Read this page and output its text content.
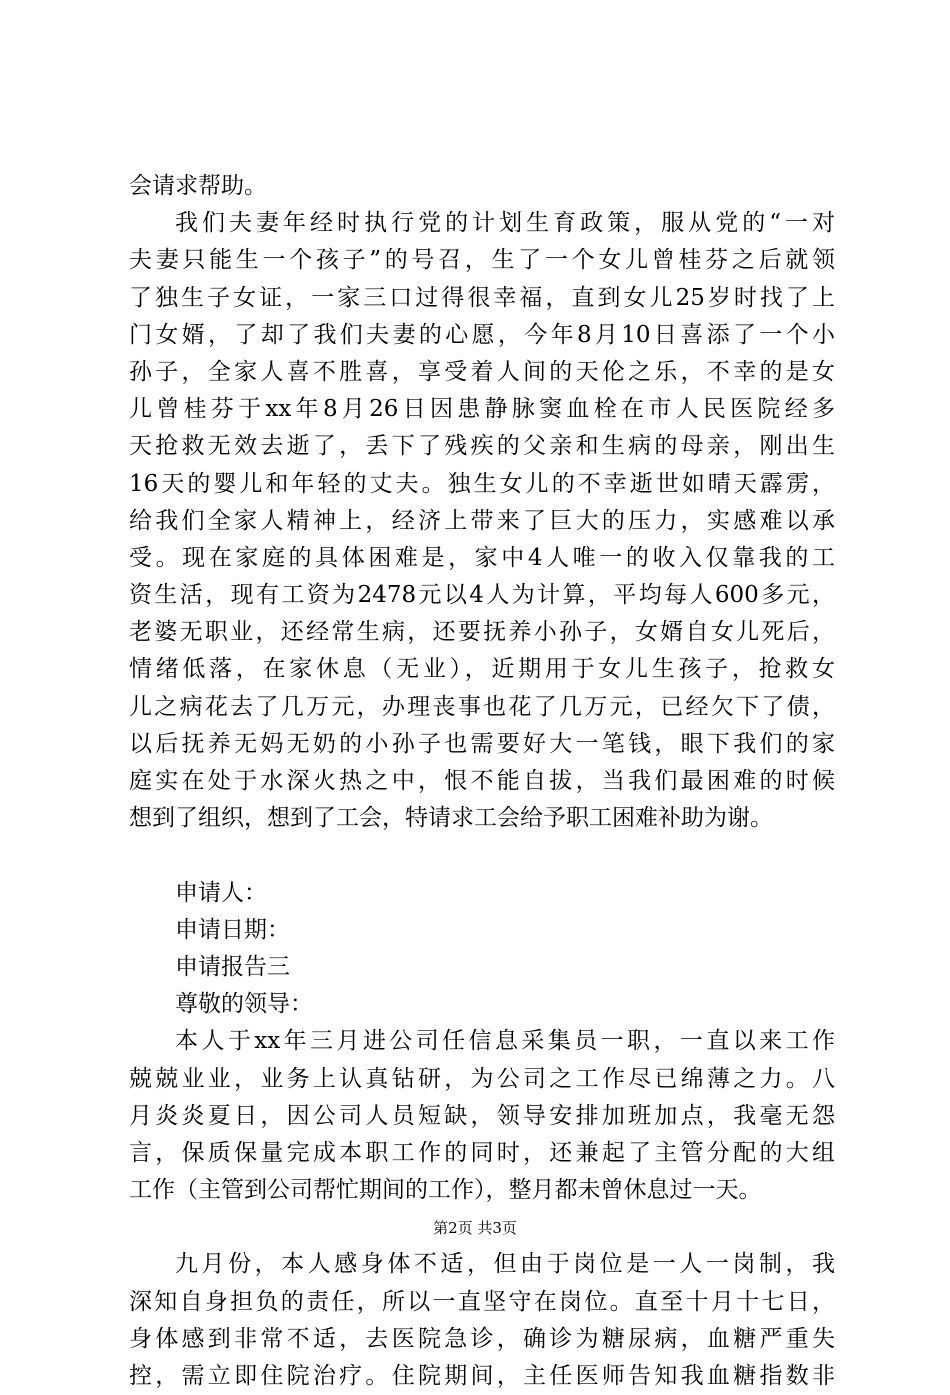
会请求帮助。
我们夫妻年经时执行党的计划生育政策，服从党的“一对
夫妻只能生一个孩子”的号召，生了一个女儿曾桂芬之后就领
了独生子女证，一家三口过得很幸福，直到女儿25岁时找了上
门女婿，了却了我们夫妻的心愿，今年8月10日喜添了一个小
孙子，全家人喜不胜喜，享受着人间的天伦之乐，不幸的是女
儿曾桂芬于xx年8月26日因患静脉窦血栓在市人民医院经多
天抢救无效去逝了，丢下了残疾的父亲和生病的母亲，刚出生
16天的婴儿和年轻的丈夫。独生女儿的不幸逝世如晴天霹雳，
给我们全家人精神上，经济上带来了巨大的压力，实感难以承
受。现在家庭的具体困难是，家中4人唯一的收入仅靠我的工
资生活，现有工资为2478元以4人为计算，平均每人600多元，
老婆无职业，还经常生病，还要抚养小孙子，女婿自女儿死后，
情绪低落，在家休息（无业），近期用于女儿生孩子，抢救女
儿之病花去了几万元，办理丧事也花了几万元，已经欠下了债，
以后抚养无妈无奶的小孙子也需要好大一笔钱，眼下我们的家
庭实在处于水深火热之中，恨不能自拔，当我们最困难的时候
想到了组织，想到了工会，特请求工会给予职工困难补助为谢。
申请人：
申请日期：
申请报告三
尊敬的领导：
本人于xx年三月进公司任信息采集员一职，一直以来工作
兢兢业业，业务上认真钻研，为公司之工作尽已绵薄之力。八
月炎炎夏日，因公司人员短缺，领导安排加班加点，我毫无怨
言，保质保量完成本职工作的同时，还兼起了主管分配的大组
工作（主管到公司帮忙期间的工作），整月都未曾休息过一天。
九月份，本人感身体不适，但由于岗位是一人一岗制，我
深知自身担负的责任，所以一直坚守在岗位。直至十月十七日，
身体感到非常不适，去医院急诊，确诊为糖尿病，血糖严重失
控，需立即住院治疗。住院期间，主任医师告知我血糖指数非
第2页 共3页
